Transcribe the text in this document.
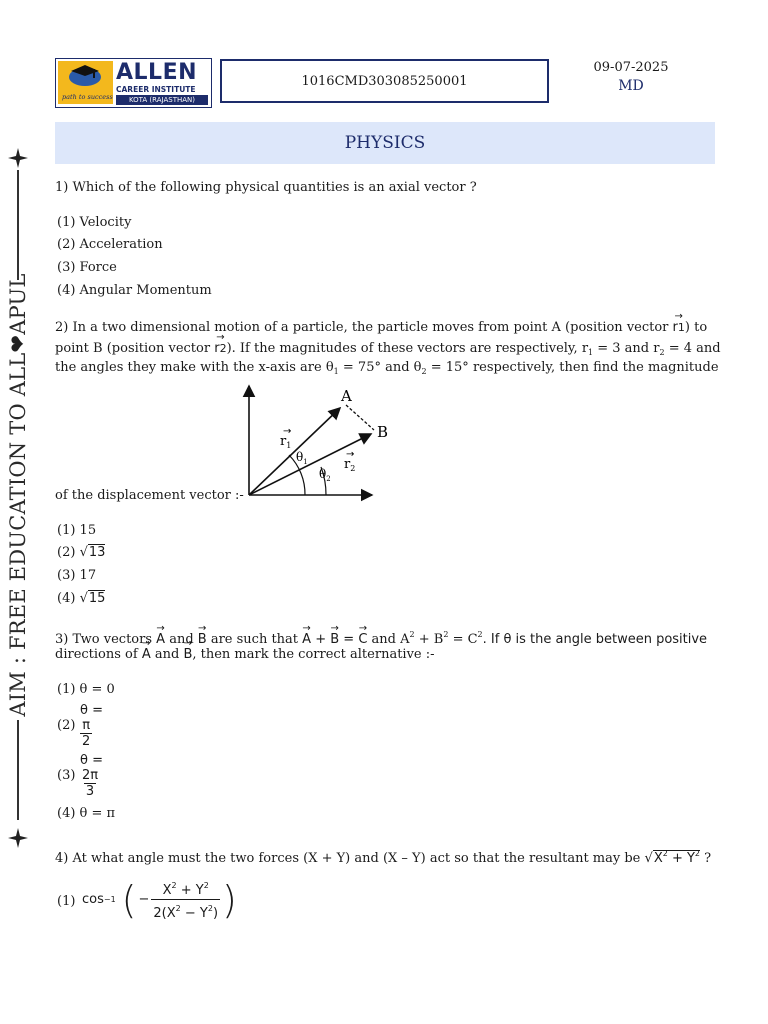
AIM : FREE EDUCATION TO ALL❤APUL
path to success
ALLEN
CAREER INSTITUTE
KOTA (RAJASTHAN)
1016CMD303085250001
09-07-2025
MD
PHYSICS
1) Which of the following physical quantities is an axial vector ?
(1) Velocity
(2) Acceleration
(3) Force
(4) Angular Momentum
2) In a two dimensional motion of a particle, the particle moves from point A (position vector → r1) to
point B (position vector → r2). If the magnitudes of these vectors are respectively, $r_1 = 3$ and $r_2 = 4$ and
the angles they make with the x-axis are $\theta_1 = 75^\circ$ and $\theta_2 = 15^\circ$ respectively, then find the magnitude
A
B
$r_1$
→
$r_2$
→
$\theta_1$
$\theta_2$
of the displacement vector :-
(1) 15
(2) √13
(3) 17
(4) √15
3) Two vectors → A and → B are such that → A + → B = → C and $A^2 + B^2 = C^2$. If θ is the angle between positive
directions of → A and → B, then mark the correct alternative :-
(1) θ = 0
(2)
θ =
$\frac{\pi}{2}$
(3)
θ =
$\frac{2\pi}{3}$
(4) θ = π
4) At what angle must the two forces (X + Y) and (X – Y) act so that the resultant may be $√X^2 + Y^2$ ?
(1) cos −1 ( − $\frac{X^2 + Y^2}{2(X^2 - Y^2)}$ )
